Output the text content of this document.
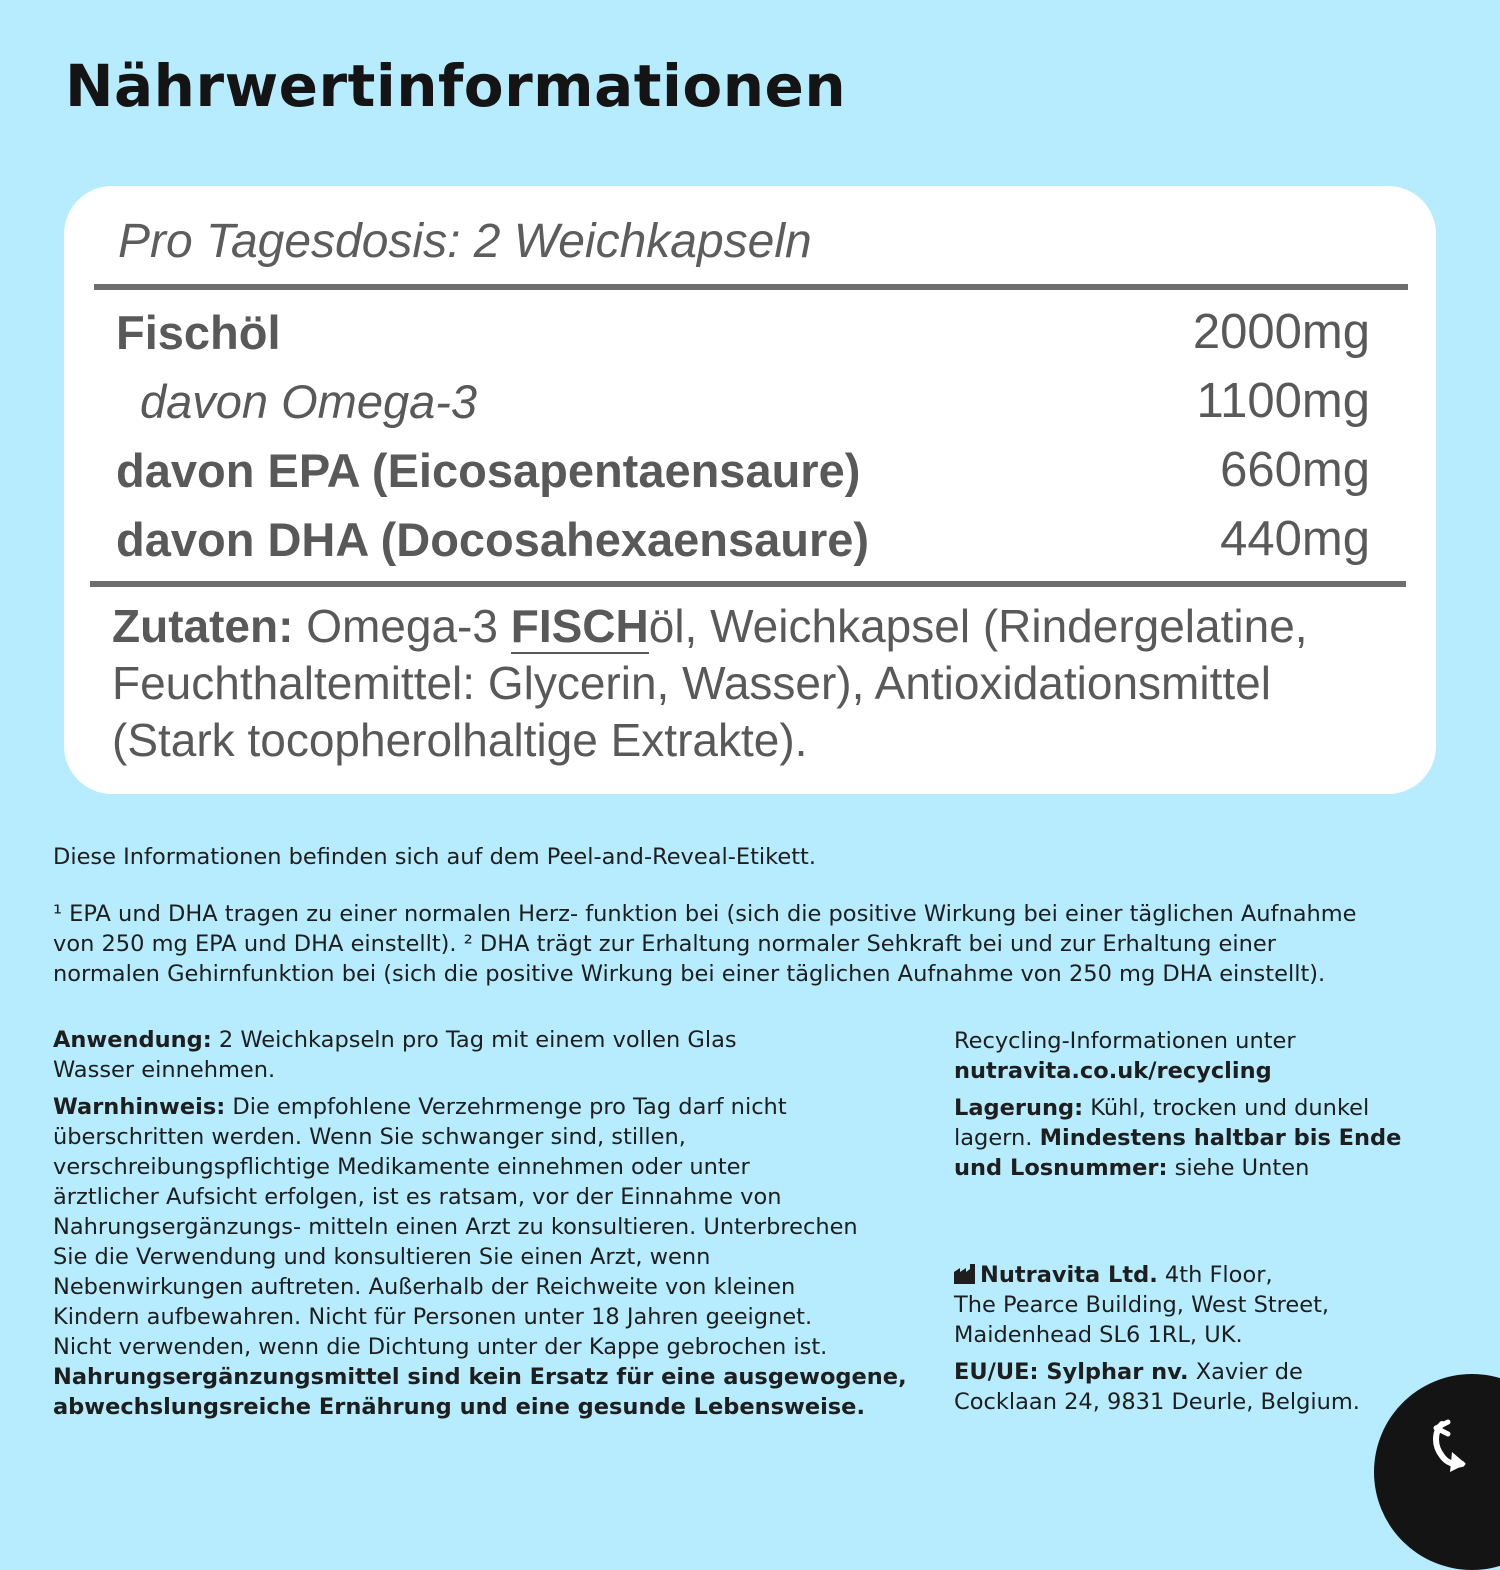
Nährwertinformationen
Pro Tagesdosis: 2 Weichkapseln
Fischöl	2000mg
davon Omega-3	1100mg
davon EPA (Eicosapentaensaure)	660mg
davon DHA (Docosahexaensaure)	440mg
Zutaten: Omega-3 FISCHöl, Weichkapsel (Rindergelatine, Feuchthaltemittel: Glycerin, Wasser), Antioxidationsmittel (Stark tocopherolhaltige Extrakte).

Diese Informationen befinden sich auf dem Peel-and-Reveal-Etikett.

¹ EPA und DHA tragen zu einer normalen Herz- funktion bei (sich die positive Wirkung bei einer täglichen Aufnahme

von 250 mg EPA und DHA einstellt). ² DHA trägt zur Erhaltung normaler Sehkraft bei und zur Erhaltung einer

normalen Gehirnfunktion bei (sich die positive Wirkung bei einer täglichen Aufnahme von 250 mg DHA einstellt).

Anwendung: 2 Weichkapseln pro Tag mit einem vollen Glas

Wasser einnehmen.

Warnhinweis: Die empfohlene Verzehrmenge pro Tag darf nicht

überschritten werden. Wenn Sie schwanger sind, stillen,

verschreibungspflichtige Medikamente einnehmen oder unter

ärztlicher Aufsicht erfolgen, ist es ratsam, vor der Einnahme von

Nahrungsergänzungs- mitteln einen Arzt zu konsultieren. Unterbrechen

Sie die Verwendung und konsultieren Sie einen Arzt, wenn

Nebenwirkungen auftreten. Außerhalb der Reichweite von kleinen

Kindern aufbewahren. Nicht für Personen unter 18 Jahren geeignet.

Nicht verwenden, wenn die Dichtung unter der Kappe gebrochen ist.

Nahrungsergänzungsmittel sind kein Ersatz für eine ausgewogene,

abwechslungsreiche Ernährung und eine gesunde Lebensweise.

Recycling-Informationen unter

nutravita.co.uk/recycling

Lagerung: Kühl, trocken und dunkel

lagern. Mindestens haltbar bis Ende

und Losnummer: siehe Unten

Nutravita Ltd. 4th Floor,

The Pearce Building, West Street,

Maidenhead SL6 1RL, UK.

EU/UE: Sylphar nv. Xavier de

Cocklaan 24, 9831 Deurle, Belgium.
